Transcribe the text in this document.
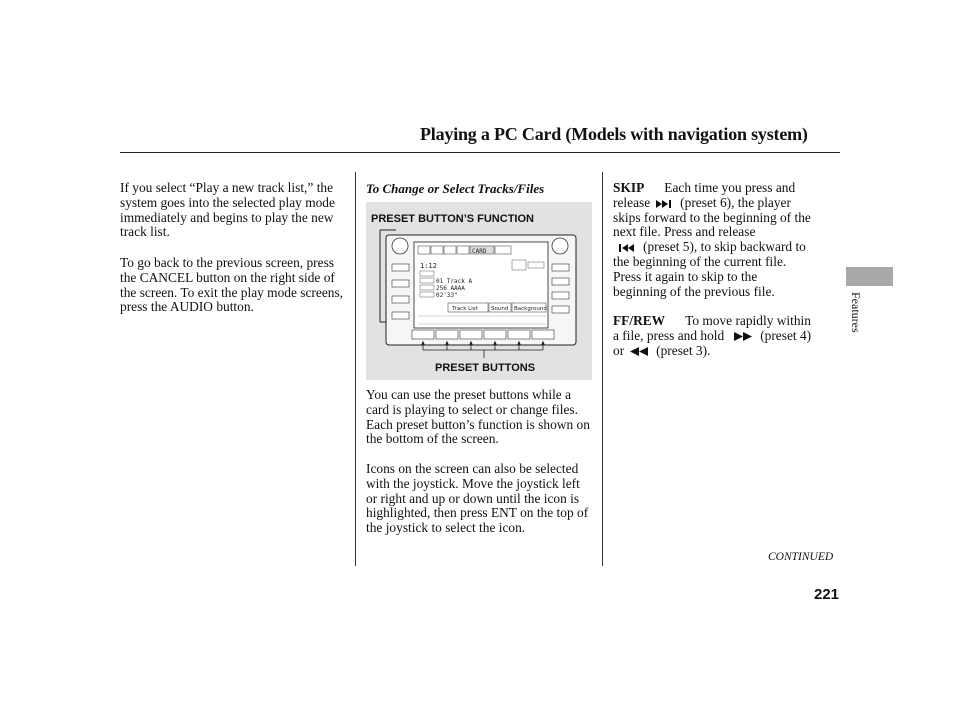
Playing a PC Card (Models with navigation system)
If you select “Play a new track list,” the system goes into the selected play mode immediately and begins to play the new track list.
To go back to the previous screen, press the CANCEL button on the right side of the screen. To exit the play mode screens, press the AUDIO button.
To Change or Select Tracks/Files
PRESET BUTTON’S FUNCTION
CARD
1:12
01 Track A
256 AAAA
02'33"
Track List Sound Background
PRESET BUTTONS
You can use the preset buttons while a card is playing to select or change files. Each preset button’s function is shown on the bottom of the screen.
Icons on the screen can also be selected with the joystick. Move the joystick left or right and up or down until the icon is highlighted, then press ENT on the top of the joystick to select the icon.
SKIP Each time you press and
release (preset 6), the player
skips forward to the beginning of the
next file. Press and release
(preset 5), to skip backward to
the beginning of the current file.
Press it again to skip to the
beginning of the previous file.
FF/REW To move rapidly within
a file, press and hold	(preset 4)
or (preset 3).
Features
CONTINUED
221
